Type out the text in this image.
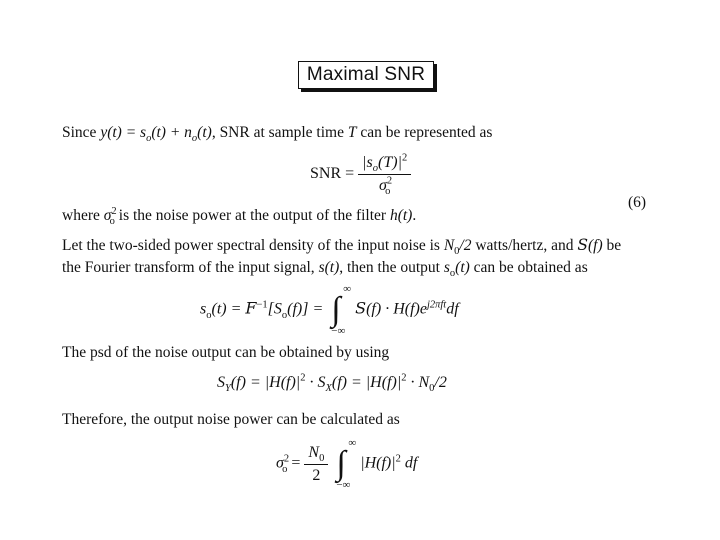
Maximal SNR
Since $y(t) = s_o(t) + n_o(t)$, SNR at sample time T can be represented as
SNR = $\frac{|s_o(T)|^2}{\sigma^2_o}$
(6)
where $\sigma^2_o$ is the noise power at the output of the filter h(t).
Let the two-sided power spectral density of the input noise is $N_0/2$ watts/hertz, and S(f) be
the Fourier transform of the input signal, s(t), then the output $s_o(t)$ can be obtained as
$s_o(t) = F^{-1}[S_o(f)]$ =
∞
∫
−∞
$S(f) \cdot H(f)e^{j2\pi ft}df$
The psd of the noise output can be obtained by using
$S_Y(f) = |H(f)|^2 \cdot S_X(f) = |H(f)|^2 \cdot N_0/2$
Therefore, the output noise power can be calculated as
$\sigma^2_o = \frac{N_0}{2}$

∞
∫
−∞
$|H(f)|^2$ df
